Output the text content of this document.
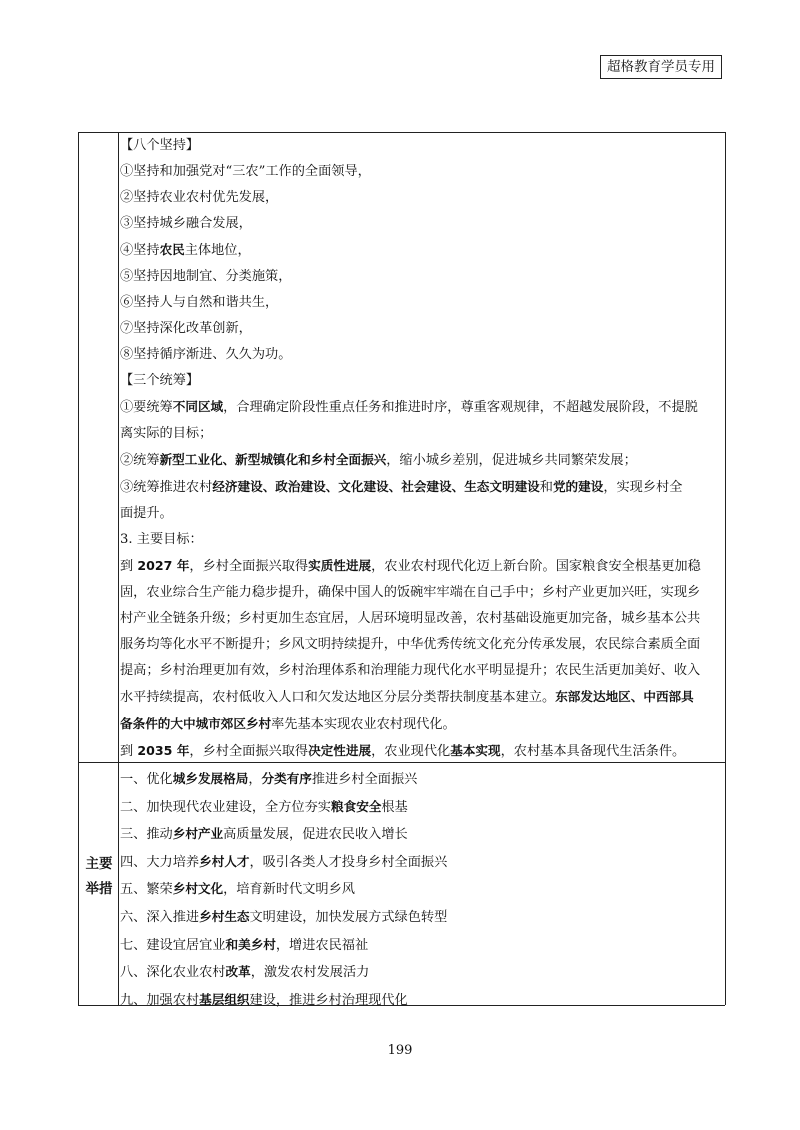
超格教育学员专用
【八个坚持】
①坚持和加强党对“三农”工作的全面领导，
②坚持农业农村优先发展，
③坚持城乡融合发展，
④坚持农民主体地位，
⑤坚持因地制宜、分类施策，
⑥坚持人与自然和谐共生，
⑦坚持深化改革创新，
⑧坚持循序渐进、久久为功。
【三个统筹】
①要统筹不同区域，合理确定阶段性重点任务和推进时序，尊重客观规律，不超越发展阶段，不提脱
离实际的目标；
②统筹新型工业化、新型城镇化和乡村全面振兴，缩小城乡差别，促进城乡共同繁荣发展；
③统筹推进农村经济建设、政治建设、文化建设、社会建设、生态文明建设和党的建设，实现乡村全
面提升。
3. 主要目标：
到 2027 年，乡村全面振兴取得实质性进展，农业农村现代化迈上新台阶。国家粮食安全根基更加稳
固，农业综合生产能力稳步提升，确保中国人的饭碗牢牢端在自己手中；乡村产业更加兴旺，实现乡
村产业全链条升级；乡村更加生态宜居，人居环境明显改善，农村基础设施更加完备，城乡基本公共
服务均等化水平不断提升；乡风文明持续提升，中华优秀传统文化充分传承发展，农民综合素质全面
提高；乡村治理更加有效，乡村治理体系和治理能力现代化水平明显提升；农民生活更加美好、收入
水平持续提高，农村低收入人口和欠发达地区分层分类帮扶制度基本建立。东部发达地区、中西部具
备条件的大中城市郊区乡村率先基本实现农业农村现代化。
到 2035 年，乡村全面振兴取得决定性进展，农业现代化基本实现，农村基本具备现代生活条件。
主要
举措
一、优化城乡发展格局，分类有序推进乡村全面振兴
二、加快现代农业建设，全方位夯实粮食安全根基
三、推动乡村产业高质量发展，促进农民收入增长
四、大力培养乡村人才，吸引各类人才投身乡村全面振兴
五、繁荣乡村文化，培育新时代文明乡风
六、深入推进乡村生态文明建设，加快发展方式绿色转型
七、建设宜居宜业和美乡村，增进农民福祉
八、深化农业农村改革，激发农村发展活力
九、加强农村基层组织建设，推进乡村治理现代化
199
